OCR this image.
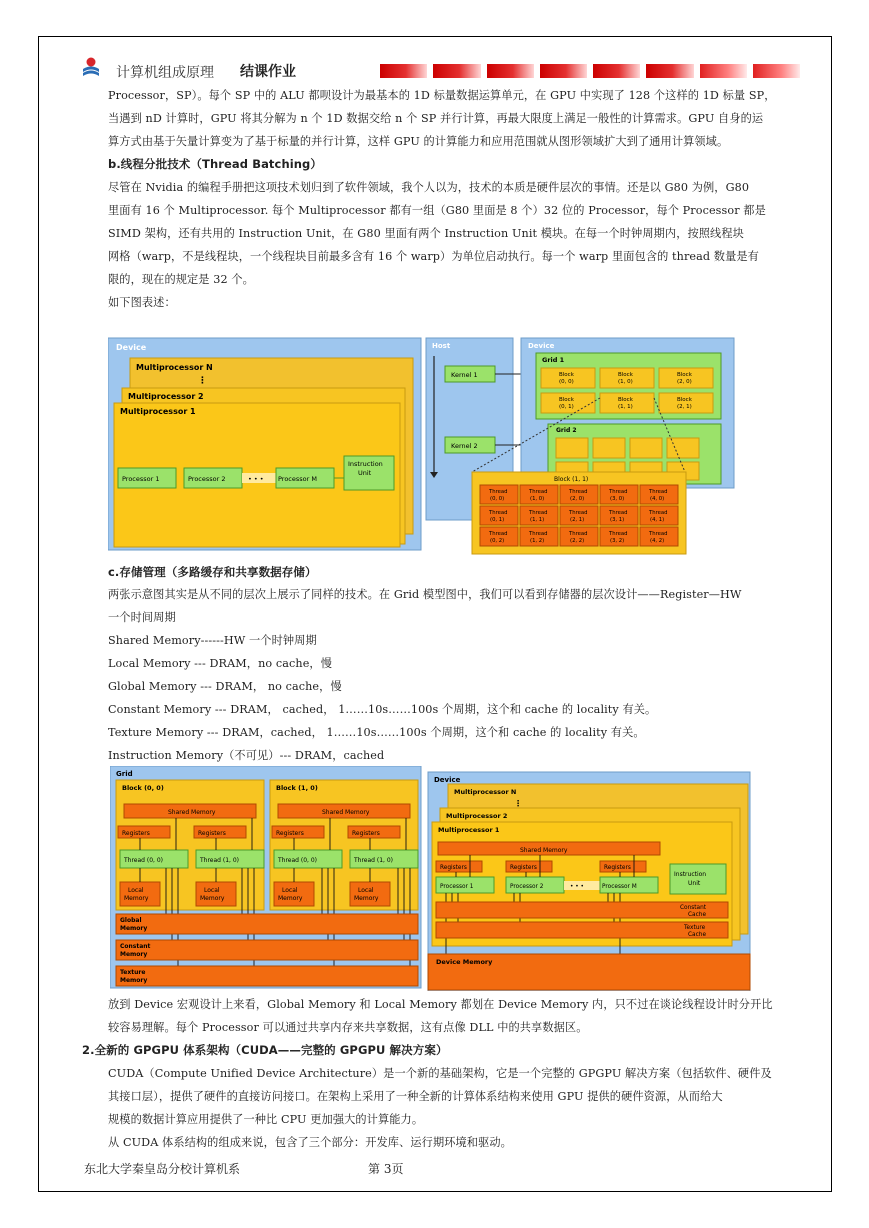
计算机组成原理 结课作业
Processor，SP）。每个 SP 中的 ALU 都呗设计为最基本的 1D 标量数据运算单元，在 GPU 中实现了 128 个这样的 1D 标量 SP，
当遇到 nD 计算时，GPU 将其分解为 n 个 1D 数据交给 n 个 SP 并行计算，再最大限度上满足一般性的计算需求。GPU 自身的运
算方式由基于矢量计算变为了基于标量的并行计算，这样 GPU 的计算能力和应用范围就从图形领域扩大到了通用计算领域。
b.线程分批技术（Thread Batching）
尽管在 Nvidia 的编程手册把这项技术划归到了软件领域，我个人以为，技术的本质是硬件层次的事情。还是以 G80 为例，G80
里面有 16 个 Multiprocessor. 每个 Multiprocessor 都有一组（G80 里面是 8 个）32 位的 Processor，每个 Processor 都是
SIMD 架构，还有共用的 Instruction Unit，在 G80 里面有两个 Instruction Unit 模块。在每一个时钟周期内，按照线程块
网格（warp，不是线程块，一个线程块目前最多含有 16 个 warp）为单位启动执行。每一个 warp 里面包含的 thread 数量是有
限的，现在的规定是 32 个。
如下图表述：
Device
Multiprocessor N
⋮
Multiprocessor 2
Multiprocessor 1
Processor 1	Processor 2	• • • Processor M
Instruction
Unit
Host
Kernel 1
Kernel 2
Device
Grid 1
Block
(0, 0)
Block
(1, 0)
Block
(2, 0)
Block
(0, 1)
Block
(1, 1)
Block
(2, 1)
Grid 2
Block (1, 1)
Thread
(0, 0)
Thread
(1, 0)
Thread
(2, 0)
Thread
(3, 0)
Thread
(4, 0)
Thread
(0, 1)
Thread
(1, 1)
Thread
(2, 1)
Thread
(3, 1)
Thread
(4, 1)
Thread
(0, 2)
Thread
(1, 2)
Thread
(2, 2)
Thread
(3, 2)
Thread
(4, 2)
c.存储管理（多路缓存和共享数据存储）
两张示意图其实是从不同的层次上展示了同样的技术。在 Grid 模型图中，我们可以看到存储器的层次设计——Register—HW
一个时间周期
Shared Memory------HW 一个时钟周期
Local Memory --- DRAM，no cache，慢
Global Memory --- DRAM， no cache，慢
Constant Memory --- DRAM， cached， 1……10s……100s 个周期，这个和 cache 的 locality 有关。
Texture Memory --- DRAM，cached， 1……10s……100s 个周期，这个和 cache 的 locality 有关。
Instruction Memory（不可见）--- DRAM，cached
Grid
Block (0, 0)
Shared Memory
Registers	Registers
Thread (0, 0)	Thread (1, 0)
Local
Memory
Local
Memory
Block (1, 0)
Shared Memory
Registers	Registers
Thread (0, 0)	Thread (1, 0)
Local
Memory
Local
Memory
Global
Memory
Constant
Memory
Texture
Memory
Device
Multiprocessor N
⋮
Multiprocessor 2
Multiprocessor 1
Shared Memory
Registers	Registers	Registers
Processor 1	Processor 2	• • •	Processor M
Instruction
Unit
Constant
Cache
Texture
Cache
Device Memory
放到 Device 宏观设计上来看，Global Memory 和 Local Memory 都划在 Device Memory 内，只不过在谈论线程设计时分开比
较容易理解。每个 Processor 可以通过共享内存来共享数据，这有点像 DLL 中的共享数据区。
2.全新的 GPGPU 体系架构（CUDA——完整的 GPGPU 解决方案）
CUDA（Compute Unified Device Architecture）是一个新的基础架构，它是一个完整的 GPGPU 解决方案（包括软件、硬件及
其接口层），提供了硬件的直接访问接口。在架构上采用了一种全新的计算体系结构来使用 GPU 提供的硬件资源，从而给大
规模的数据计算应用提供了一种比 CPU 更加强大的计算能力。
从 CUDA 体系结构的组成来说，包含了三个部分：开发库、运行期环境和驱动。
东北大学秦皇岛分校计算机系	第 3页
